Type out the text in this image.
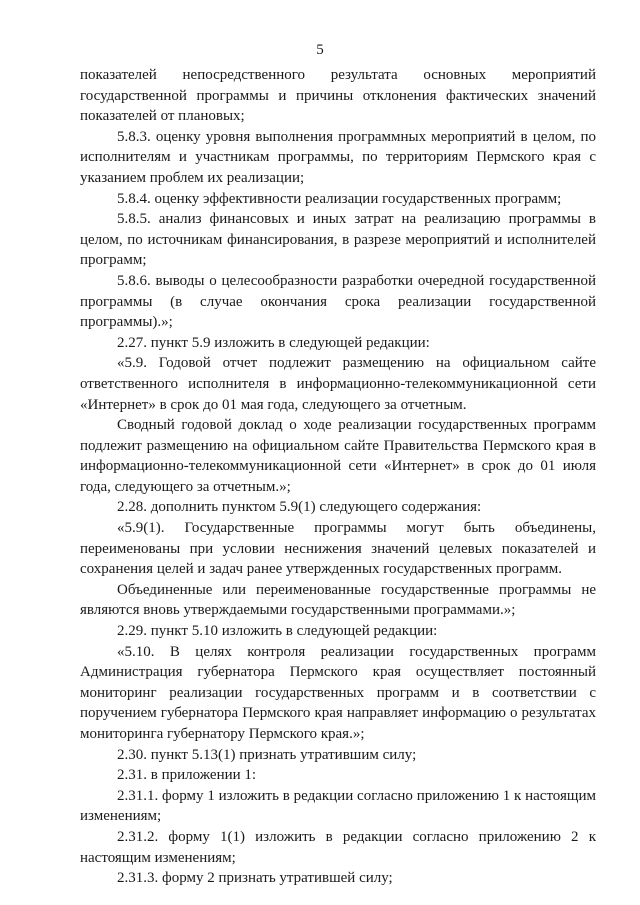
5

показателей непосредственного результата основных мероприятий государственной программы и причины отклонения фактических значений показателей от плановых;

5.8.3. оценку уровня выполнения программных мероприятий в целом, по исполнителям и участникам программы, по территориям Пермского края с указанием проблем их реализации;

5.8.4. оценку эффективности реализации государственных программ;

5.8.5. анализ финансовых и иных затрат на реализацию программы в целом, по источникам финансирования, в разрезе мероприятий и исполнителей программ;

5.8.6. выводы о целесообразности разработки очередной государственной программы (в случае окончания срока реализации государственной программы).»;

2.27. пункт 5.9 изложить в следующей редакции:

«5.9. Годовой отчет подлежит размещению на официальном сайте ответственного исполнителя в информационно-телекоммуникационной сети «Интернет» в срок до 01 мая года, следующего за отчетным.

Сводный годовой доклад о ходе реализации государственных программ подлежит размещению на официальном сайте Правительства Пермского края в информационно-телекоммуникационной сети «Интернет» в срок до 01 июля года, следующего за отчетным.»;

2.28. дополнить пунктом 5.9(1) следующего содержания:

«5.9(1). Государственные программы могут быть объединены, переименованы при условии неснижения значений целевых показателей и сохранения целей и задач ранее утвержденных государственных программ.

Объединенные или переименованные государственные программы не являются вновь утверждаемыми государственными программами.»;

2.29. пункт 5.10 изложить в следующей редакции:

«5.10. В целях контроля реализации государственных программ Администрация губернатора Пермского края осуществляет постоянный мониторинг реализации государственных программ и в соответствии с поручением губернатора Пермского края направляет информацию о результатах мониторинга губернатору Пермского края.»;

2.30. пункт 5.13(1) признать утратившим силу;

2.31. в приложении 1:

2.31.1. форму 1 изложить в редакции согласно приложению 1 к настоящим изменениям;

2.31.2. форму 1(1) изложить в редакции согласно приложению 2 к настоящим изменениям;

2.31.3. форму 2 признать утратившей силу;
